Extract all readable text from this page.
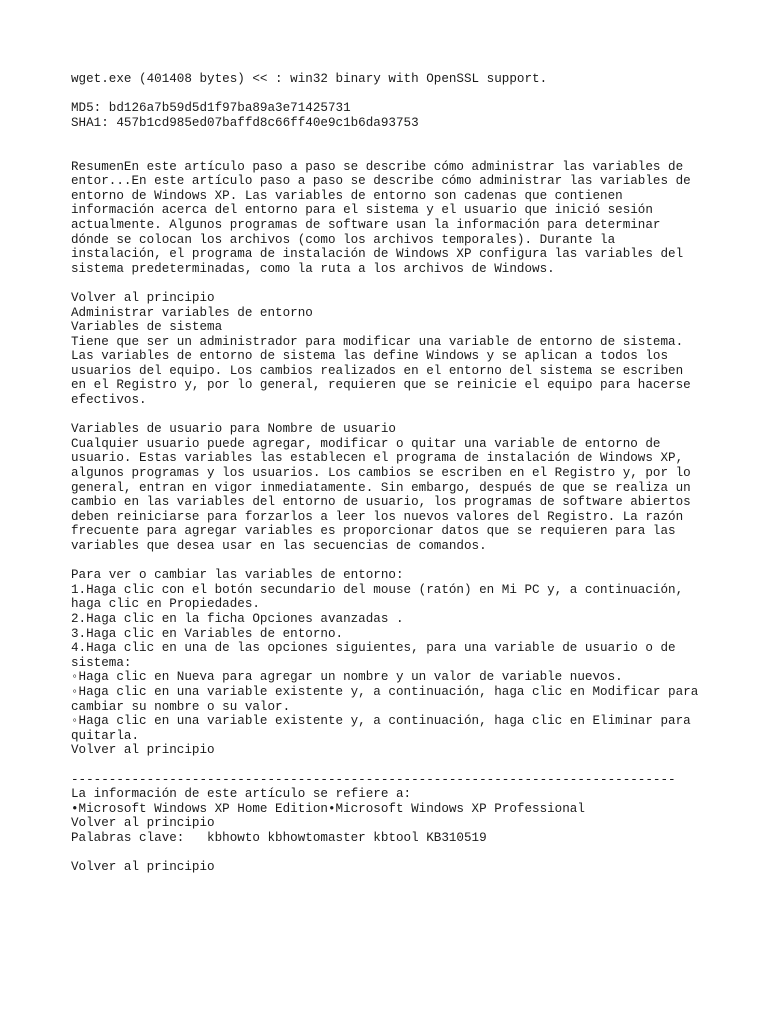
wget.exe (401408 bytes) << : win32 binary with OpenSSL support.
MD5: bd126a7b59d5d1f97ba89a3e71425731
SHA1: 457b1cd985ed07baffd8c66ff40e9c1b6da93753
ResumenEn este artículo paso a paso se describe cómo administrar las variables de
entor...En este artículo paso a paso se describe cómo administrar las variables de
entorno de Windows XP. Las variables de entorno son cadenas que contienen
información acerca del entorno para el sistema y el usuario que inició sesión
actualmente. Algunos programas de software usan la información para determinar
dónde se colocan los archivos (como los archivos temporales). Durante la
instalación, el programa de instalación de Windows XP configura las variables del
sistema predeterminadas, como la ruta a los archivos de Windows.
Volver al principio
Administrar variables de entorno
Variables de sistema
Tiene que ser un administrador para modificar una variable de entorno de sistema.
Las variables de entorno de sistema las define Windows y se aplican a todos los
usuarios del equipo. Los cambios realizados en el entorno del sistema se escriben
en el Registro y, por lo general, requieren que se reinicie el equipo para hacerse
efectivos.
Variables de usuario para Nombre de usuario
Cualquier usuario puede agregar, modificar o quitar una variable de entorno de
usuario. Estas variables las establecen el programa de instalación de Windows XP,
algunos programas y los usuarios. Los cambios se escriben en el Registro y, por lo
general, entran en vigor inmediatamente. Sin embargo, después de que se realiza un
cambio en las variables del entorno de usuario, los programas de software abiertos
deben reiniciarse para forzarlos a leer los nuevos valores del Registro. La razón
frecuente para agregar variables es proporcionar datos que se requieren para las
variables que desea usar en las secuencias de comandos.
Para ver o cambiar las variables de entorno:
1.Haga clic con el botón secundario del mouse (ratón) en Mi PC y, a continuación,
haga clic en Propiedades.
2.Haga clic en la ficha Opciones avanzadas .
3.Haga clic en Variables de entorno.
4.Haga clic en una de las opciones siguientes, para una variable de usuario o de
sistema:
◦Haga clic en Nueva para agregar un nombre y un valor de variable nuevos.
◦Haga clic en una variable existente y, a continuación, haga clic en Modificar para
cambiar su nombre o su valor.
◦Haga clic en una variable existente y, a continuación, haga clic en Eliminar para
quitarla.
Volver al principio
--------------------------------------------------------------------------------
La información de este artículo se refiere a:
•Microsoft Windows XP Home Edition•Microsoft Windows XP Professional
Volver al principio
Palabras clave:   kbhowto kbhowtomaster kbtool KB310519
Volver al principio
